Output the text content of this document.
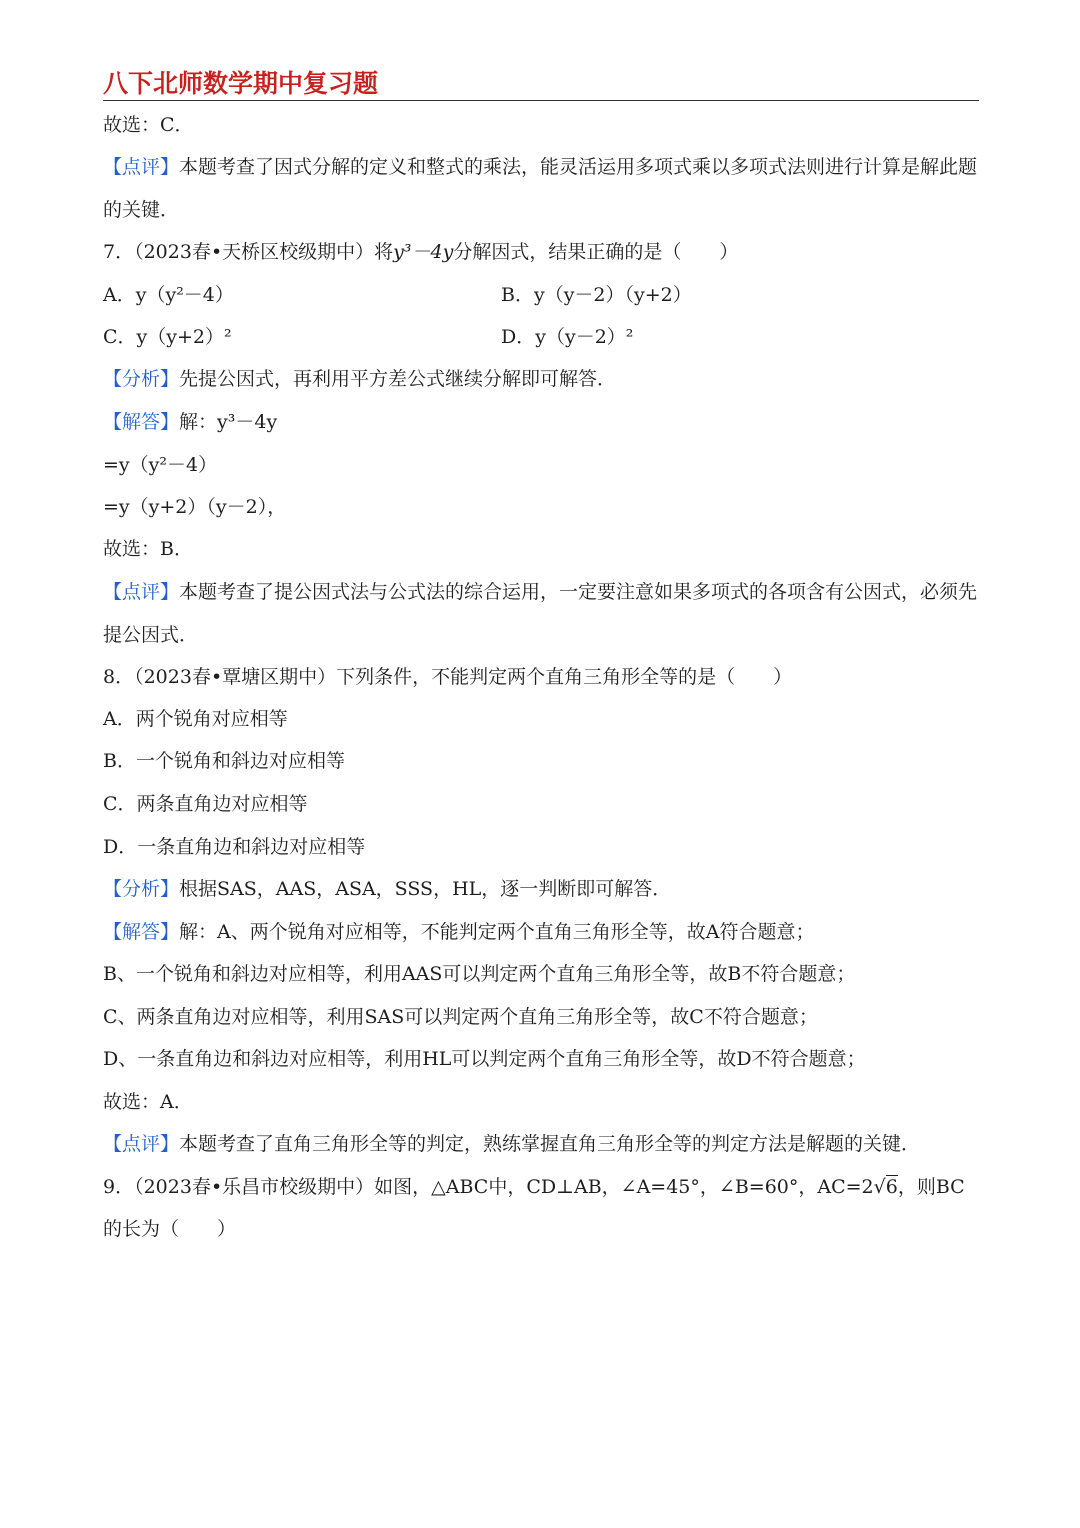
八下北师数学期中复习题
故选：C．
【点评】本题考查了因式分解的定义和整式的乘法，能灵活运用多项式乘以多项式法则进行计算是解此题
的关键．
7．（2023春•天桥区校级期中）将y³－4y分解因式，结果正确的是（　　）
A．y（y²－4）	B．y（y－2）（y+2）
C．y（y+2）²	D．y（y－2）²
【分析】先提公因式，再利用平方差公式继续分解即可解答．
【解答】解：y³－4y
=y（y²－4）
=y（y+2）（y－2），
故选：B．
【点评】本题考查了提公因式法与公式法的综合运用，一定要注意如果多项式的各项含有公因式，必须先
提公因式．
8．（2023春•覃塘区期中）下列条件，不能判定两个直角三角形全等的是（　　）
A．两个锐角对应相等
B．一个锐角和斜边对应相等
C．两条直角边对应相等
D．一条直角边和斜边对应相等
【分析】根据SAS，AAS，ASA，SSS，HL，逐一判断即可解答．
【解答】解：A、两个锐角对应相等，不能判定两个直角三角形全等，故A符合题意；
B、一个锐角和斜边对应相等，利用AAS可以判定两个直角三角形全等，故B不符合题意；
C、两条直角边对应相等，利用SAS可以判定两个直角三角形全等，故C不符合题意；
D、一条直角边和斜边对应相等，利用HL可以判定两个直角三角形全等，故D不符合题意；
故选：A．
【点评】本题考查了直角三角形全等的判定，熟练掌握直角三角形全等的判定方法是解题的关键．
9．（2023春•乐昌市校级期中）如图，△ABC中，CD⊥AB，∠A=45°，∠B=60°，AC=2√6，则BC
的长为（　　）
